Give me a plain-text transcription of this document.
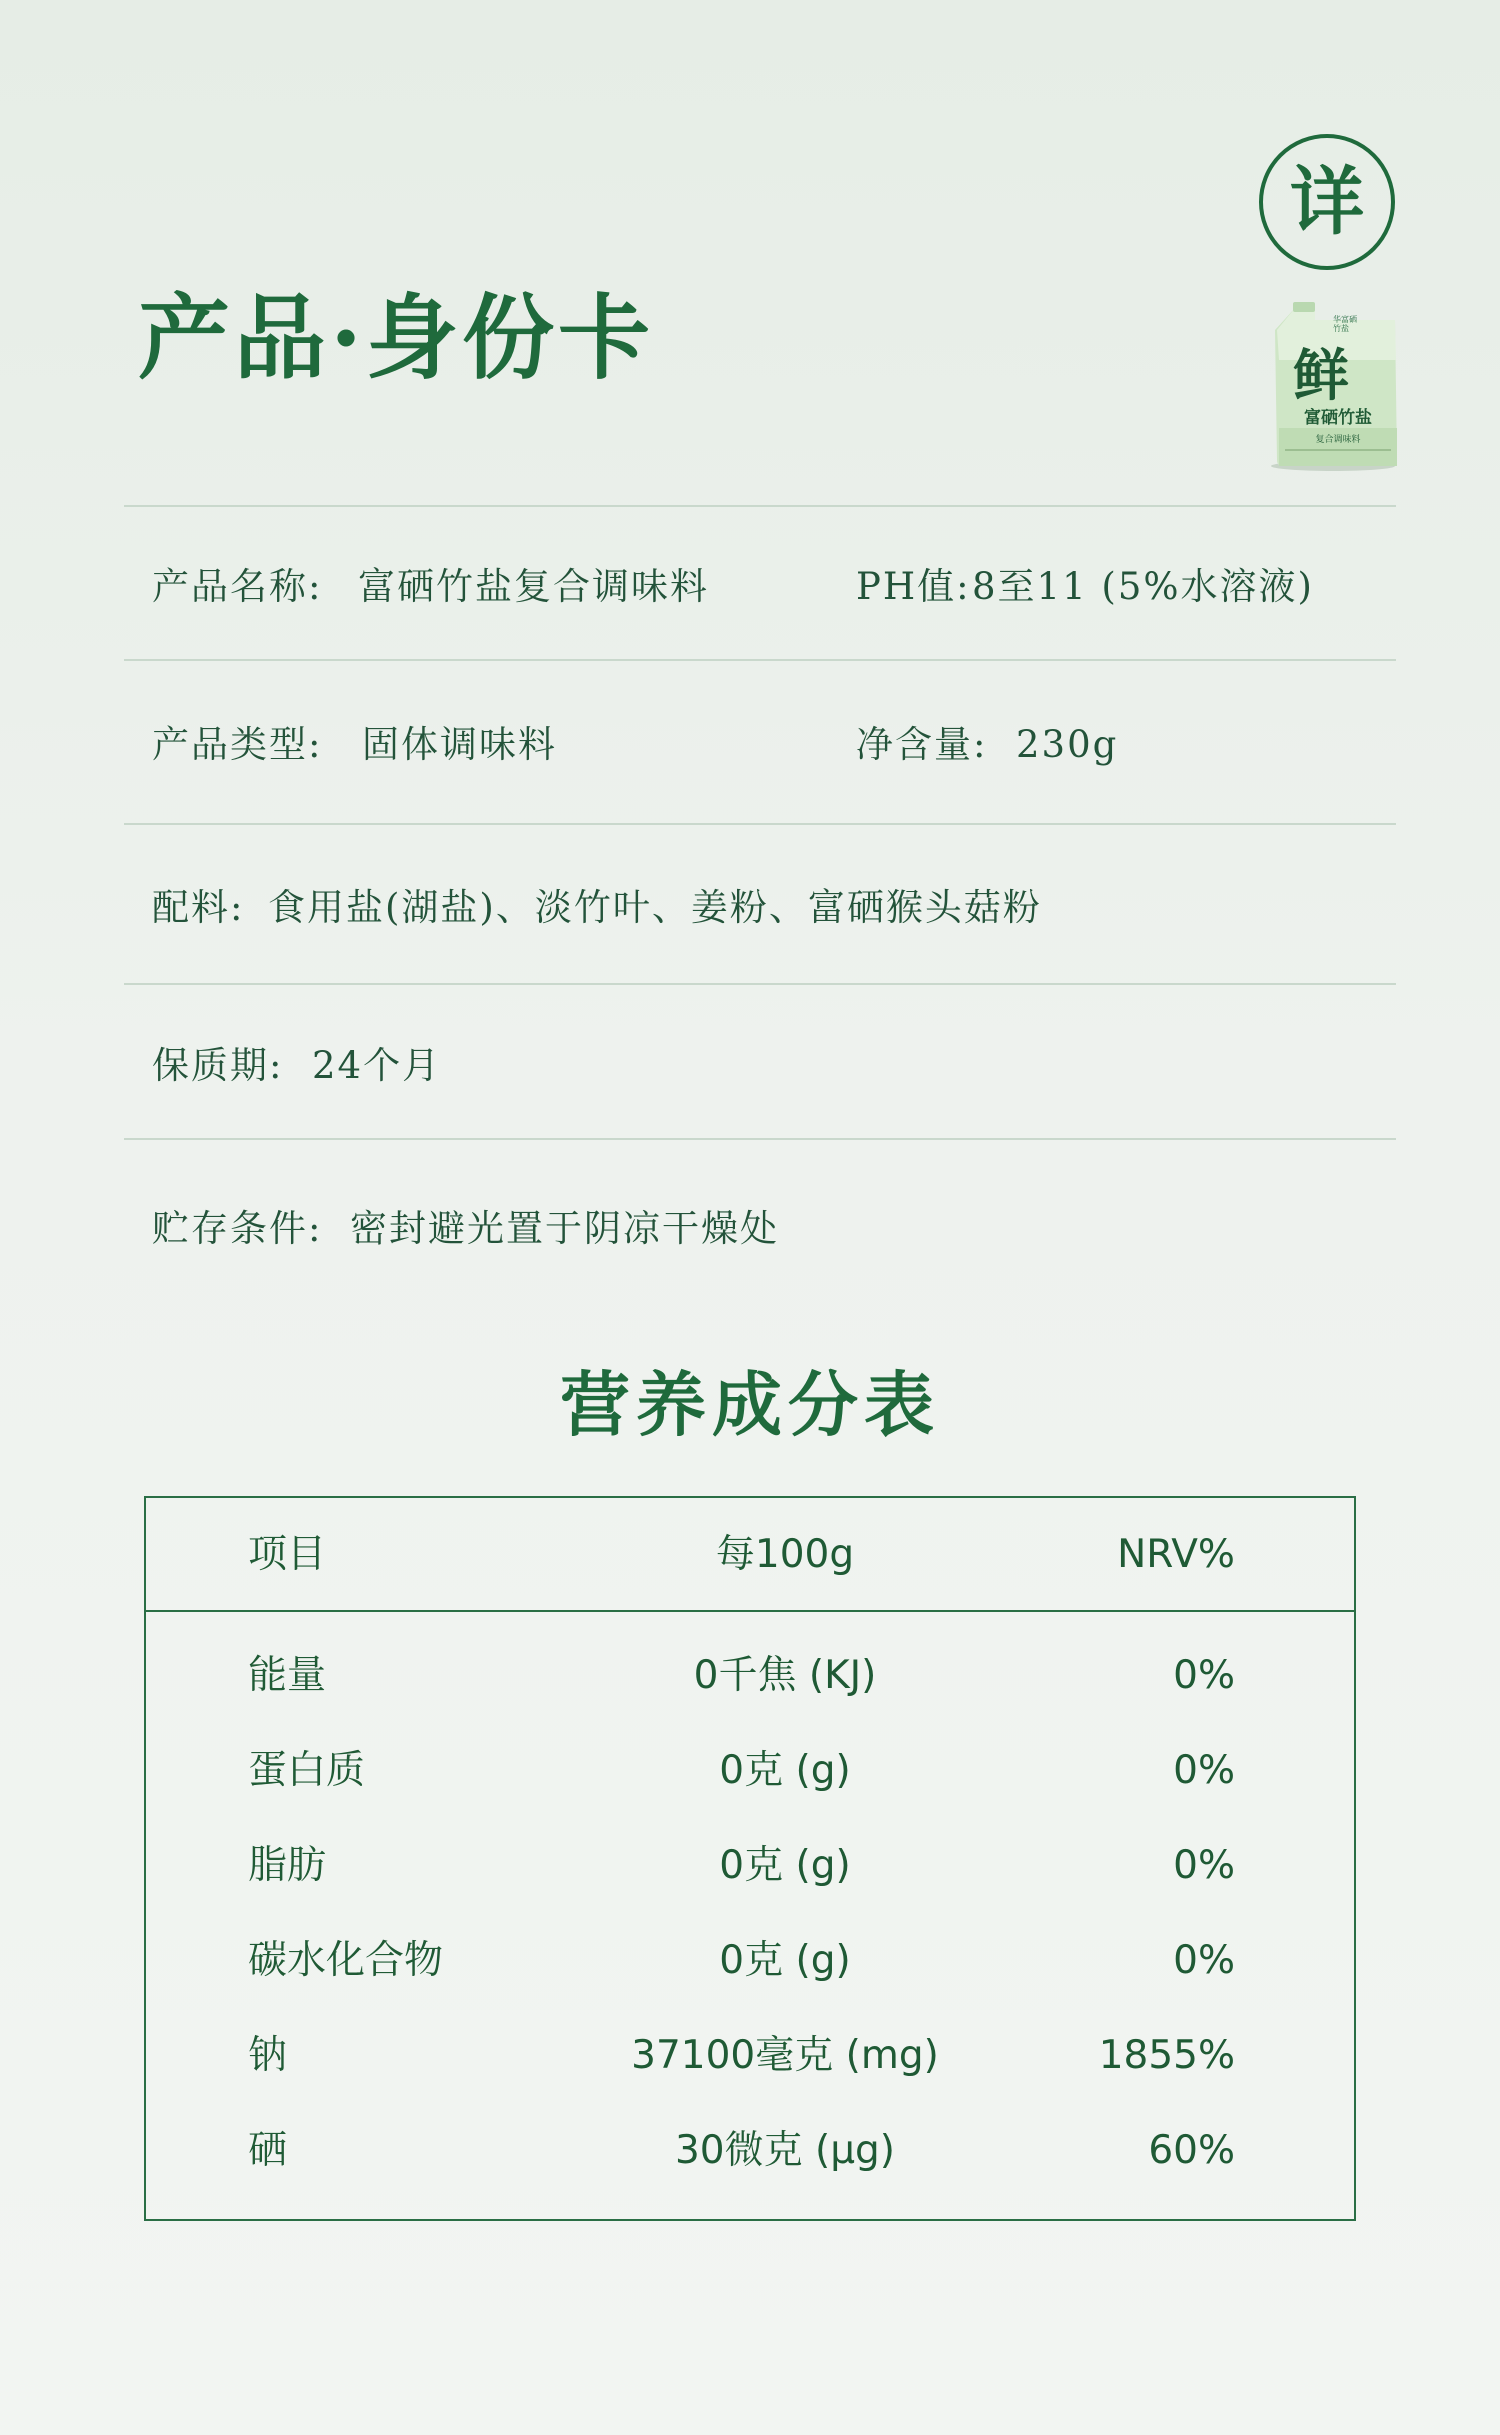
产品·身份卡
详
华富硒
竹盐
鲜
富硒竹盐
复合调味料
产品名称: 富硒竹盐复合调味料	PH值: 8至11 (5%水溶液)
产品类型: 固体调味料	净含量: 230g
配料: 食用盐(湖盐)、淡竹叶、姜粉、富硒猴头菇粉
保质期: 24个月
贮存条件: 密封避光置于阴凉干燥处
营养成分表
项目	每100g	NRV%
能量	0千焦 (KJ)	0%
蛋白质	0克 (g)	0%
脂肪	0克 (g)	0%
碳水化合物	0克 (g)	0%
钠	37100毫克 (mg)	1855%
硒	30微克 (μg)	60%
